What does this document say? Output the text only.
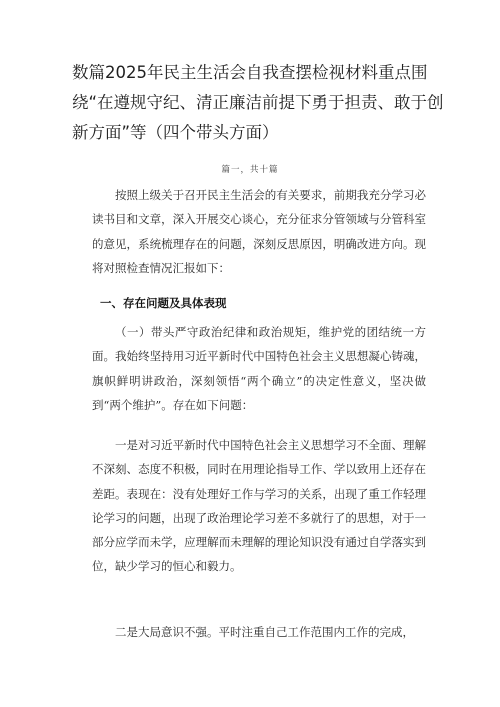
数篇2025年民主生活会自我查摆检视材料重点围绕“在遵规守纪、清正廉洁前提下勇于担责、敢于创新方面”等（四个带头方面）
篇一，共十篇

按照上级关于召开民主生活会的有关要求，前期我充分学习必读书目和文章，深入开展交心谈心，充分征求分管领域与分管科室的意见，系统梳理存在的问题，深刻反思原因，明确改进方向。现将对照检查情况汇报如下：

一、存在问题及具体表现

（一）带头严守政治纪律和政治规矩，维护党的团结统一方面。我始终坚持用习近平新时代中国特色社会主义思想凝心铸魂，旗帜鲜明讲政治，深刻领悟“两个确立”的决定性意义，坚决做到“两个维护”。存在如下问题：

一是对习近平新时代中国特色社会主义思想学习不全面、理解不深刻、态度不积极，同时在用理论指导工作、学以致用上还存在差距。表现在：没有处理好工作与学习的关系，出现了重工作轻理论学习的问题，出现了政治理论学习差不多就行了的思想，对于一部分应学而未学，应理解而未理解的理论知识没有通过自学落实到位，缺少学习的恒心和毅力。

二是大局意识不强。平时注重自己工作范围内工作的完成，
